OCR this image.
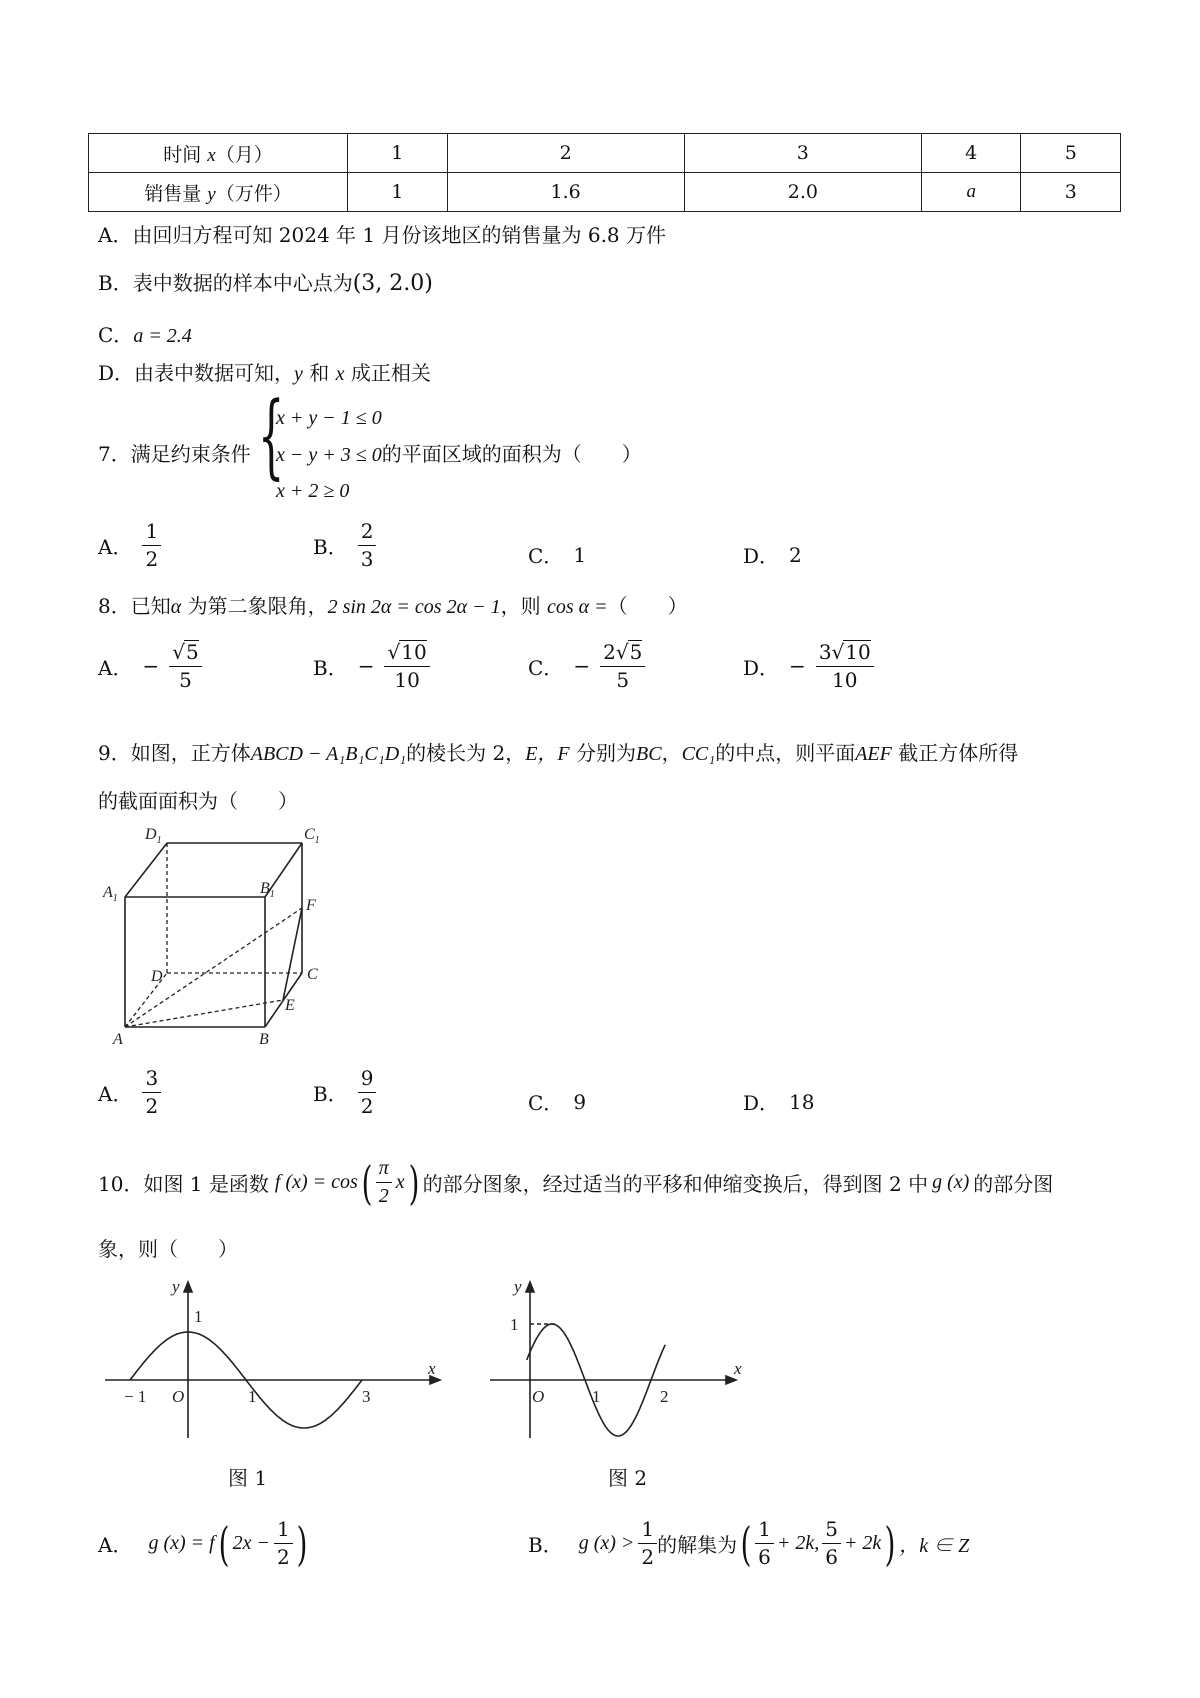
时间 x（月）	1	2	3	4	5
销售量 y（万件）	1	1.6	2.0	a	3
A．由回归方程可知 2024 年 1 月份该地区的销售量为 6.8 万件
B．表中数据的样本中心点为(3, 2.0)
C．a = 2.4
D．由表中数据可知，y 和 x 成正相关
7．满足约束条件 {
x + y − 1 ≤ 0
x − y + 3 ≤ 0的平面区域的面积为（　　）
x + 2 ≥ 0
A． $\frac{1}{2}$	B． $\frac{2}{3}$	C． 1	D． 2
8．已知α 为第二象限角，2 sin 2α = cos 2α − 1，则 cos α =（　　）
A． − $\frac{√5}{5}$	B． − $\frac{√10}{10}$	C． − $\frac{2√5}{5}$	D． − $\frac{3√10}{10}$
9．如图，正方体ABCD − A₁B₁C₁D₁的棱长为 2，E，F 分别为BC，CC₁的中点，则平面AEF 截正方体所得
的截面面积为（　　）
$D_1$	$C_1$
$A_1$
$B_1$
F
D	C
E
A	B
A． $\frac{3}{2}$	B． $\frac{9}{2}$	C． 9	D． 18
10．如图 1 是函数 f (x) = cos ( $\frac{\pi}{2}$ x ) 的部分图象，经过适当的平移和伸缩变换后，得到图 2 中 g (x) 的部分图
象，则（　　）
y
1
− 1 O	1	3
x
图 1
y
1
O	1	2
x
图 2
A． g (x) = f ( $2x - \frac{1}{2}$ )	B． g $(x) > \frac{1}{2}$ 的解集为 ( $\frac{1}{6} + 2k$, $\frac{5}{6} + 2k$ ) ，k ∈ Z
